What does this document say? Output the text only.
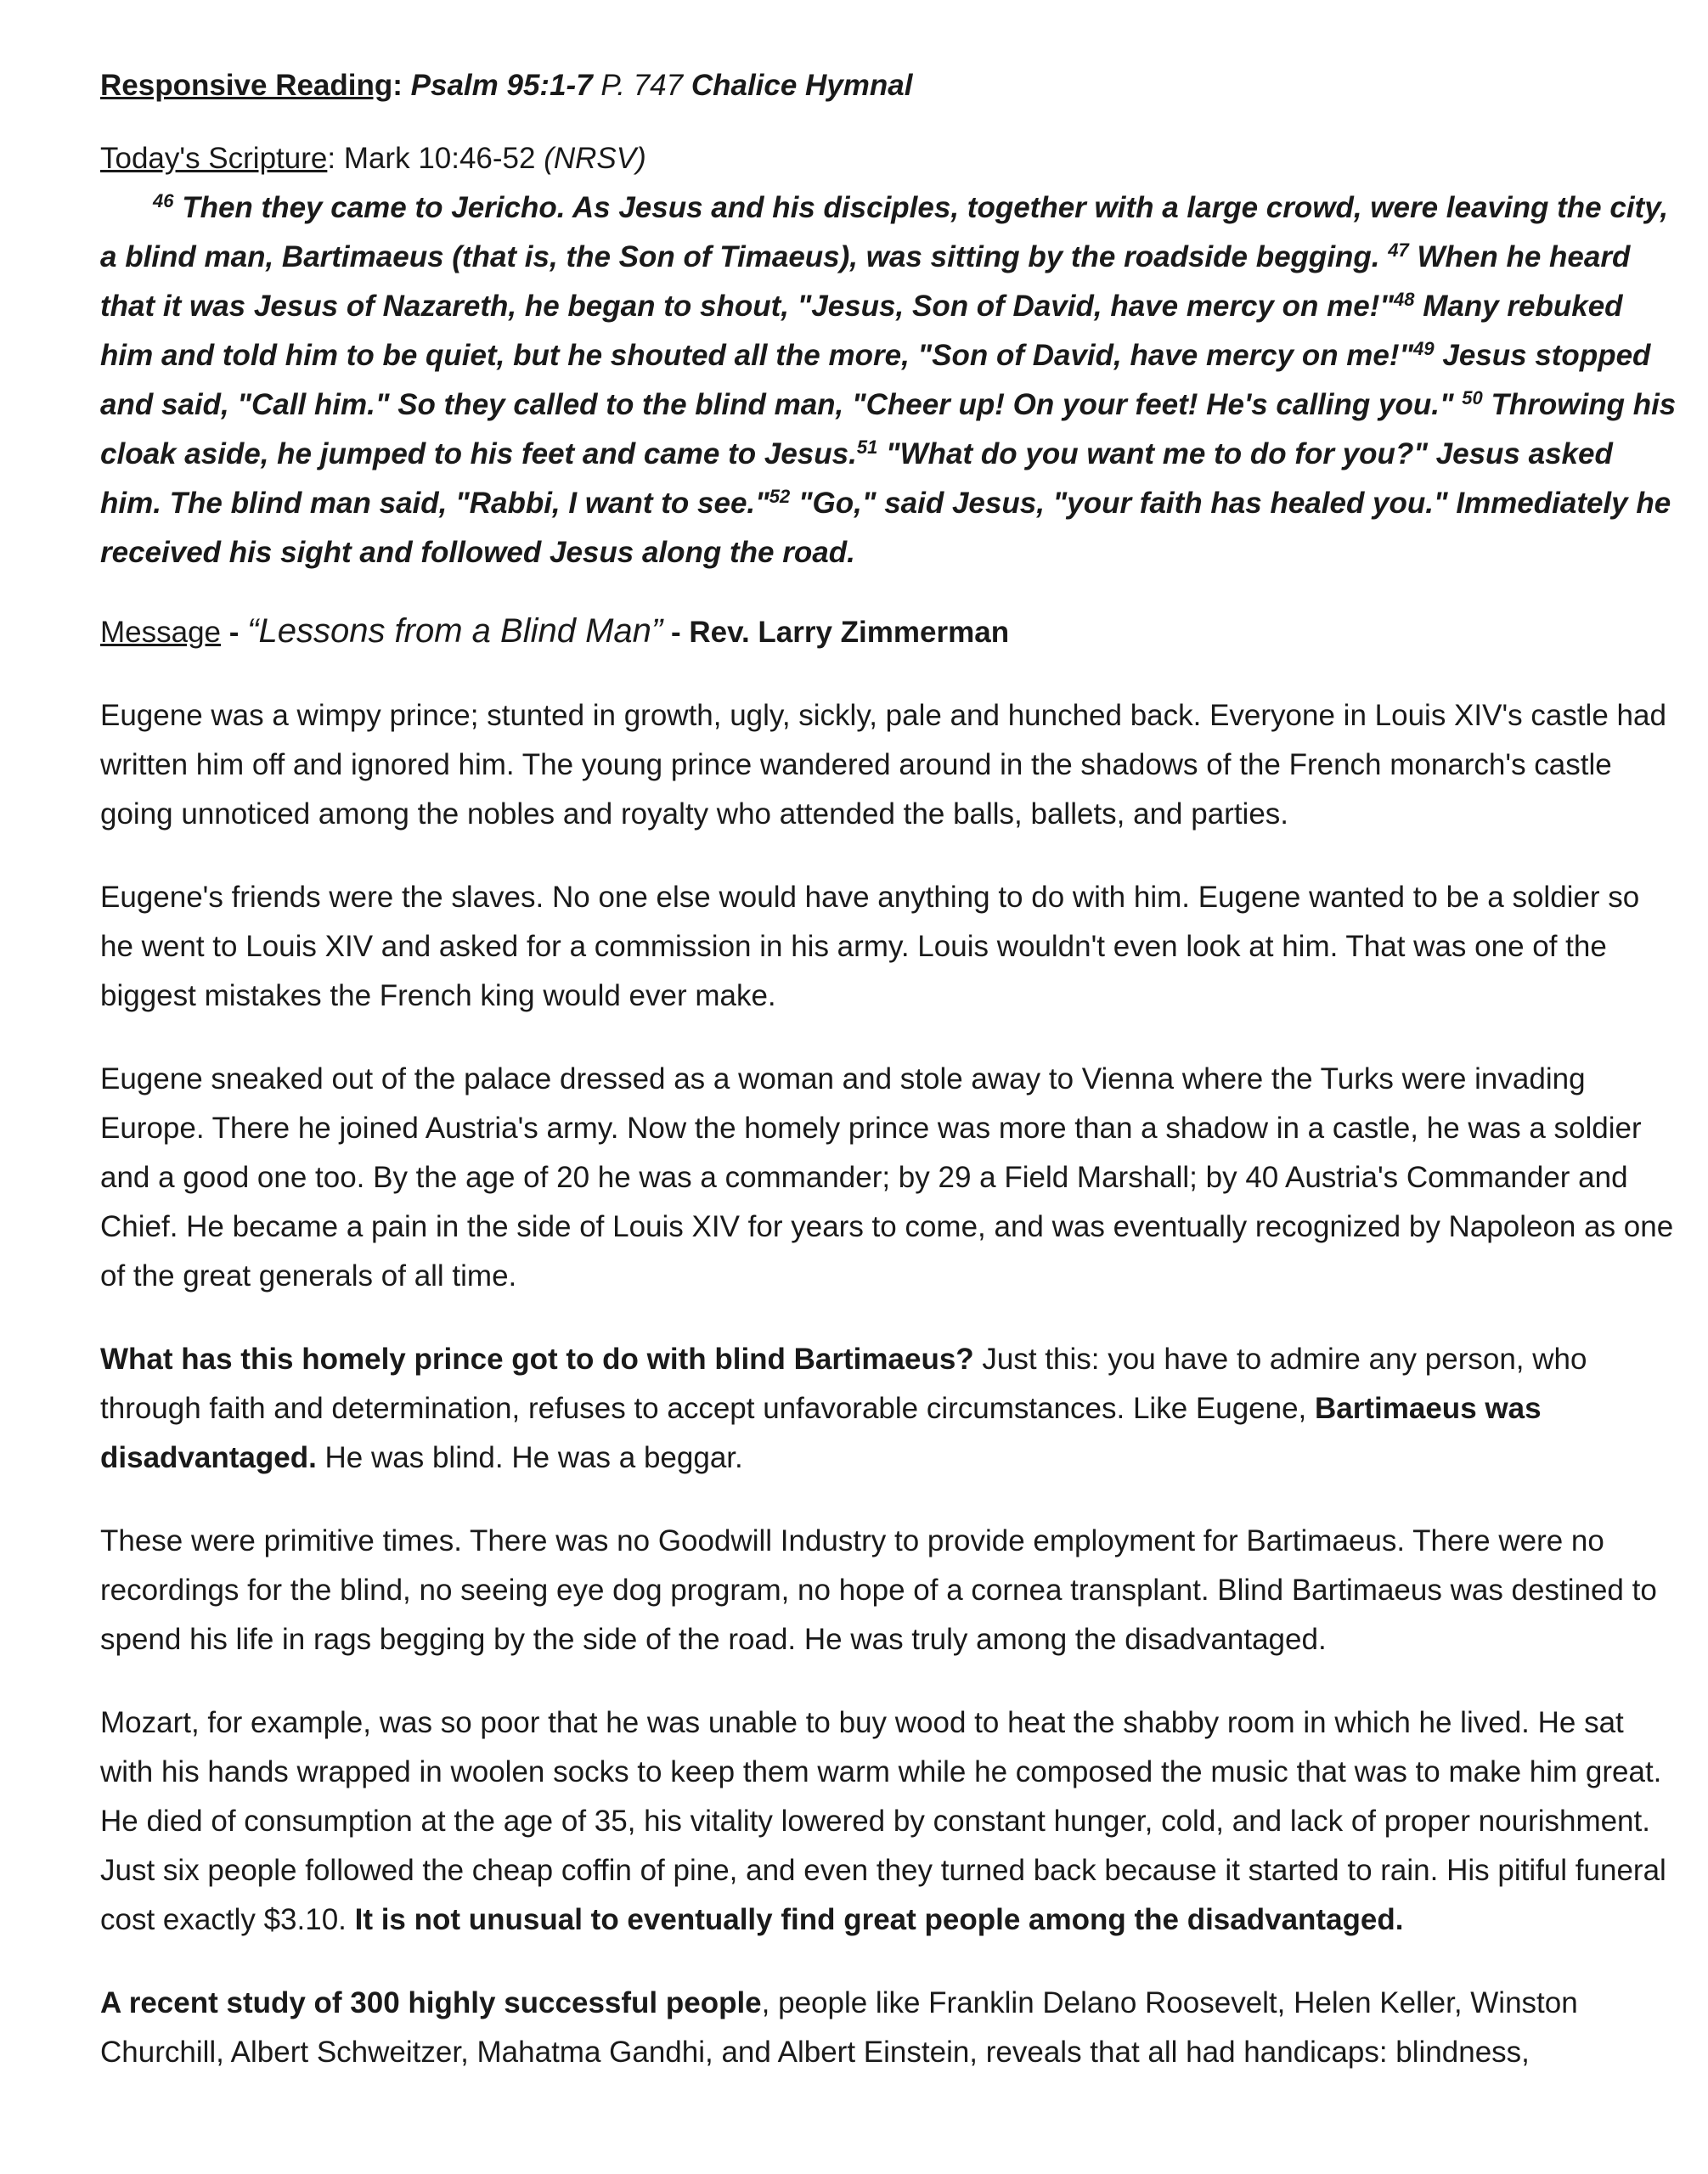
Responsive Reading: Psalm 95:1-7 P. 747 Chalice Hymnal

Today's Scripture: Mark 10:46-52 (NRSV)

$^{46}$ Then they came to Jericho. As Jesus and his disciples, together with a large crowd, were leaving the city, a blind man, Bartimaeus (that is, the Son of Timaeus), was sitting by the roadside begging. $^{47}$ When he heard that it was Jesus of Nazareth, he began to shout, "Jesus, Son of David, have mercy on me!"$^{48}$ Many rebuked him and told him to be quiet, but he shouted all the more, "Son of David, have mercy on me!"$^{49}$ Jesus stopped and said, "Call him." So they called to the blind man, "Cheer up! On your feet! He's calling you." $^{50}$ Throwing his cloak aside, he jumped to his feet and came to Jesus.$^{51}$ "What do you want me to do for you?" Jesus asked him. The blind man said, "Rabbi, I want to see."$^{52}$ "Go," said Jesus, "your faith has healed you." Immediately he received his sight and followed Jesus along the road.

Message - “Lessons from a Blind Man” - Rev. Larry Zimmerman

Eugene was a wimpy prince; stunted in growth, ugly, sickly, pale and hunched back. Everyone in Louis XIV's castle had written him off and ignored him. The young prince wandered around in the shadows of the French monarch's castle going unnoticed among the nobles and royalty who attended the balls, ballets, and parties.

Eugene's friends were the slaves. No one else would have anything to do with him. Eugene wanted to be a soldier so he went to Louis XIV and asked for a commission in his army. Louis wouldn't even look at him. That was one of the biggest mistakes the French king would ever make.

Eugene sneaked out of the palace dressed as a woman and stole away to Vienna where the Turks were invading Europe. There he joined Austria's army. Now the homely prince was more than a shadow in a castle, he was a soldier and a good one too. By the age of 20 he was a commander; by 29 a Field Marshall; by 40 Austria's Commander and Chief. He became a pain in the side of Louis XIV for years to come, and was eventually recognized by Napoleon as one of the great generals of all time.

What has this homely prince got to do with blind Bartimaeus? Just this: you have to admire any person, who through faith and determination, refuses to accept unfavorable circumstances. Like Eugene, Bartimaeus was disadvantaged. He was blind. He was a beggar.

These were primitive times. There was no Goodwill Industry to provide employment for Bartimaeus. There were no recordings for the blind, no seeing eye dog program, no hope of a cornea transplant. Blind Bartimaeus was destined to spend his life in rags begging by the side of the road. He was truly among the disadvantaged.

Mozart, for example, was so poor that he was unable to buy wood to heat the shabby room in which he lived. He sat with his hands wrapped in woolen socks to keep them warm while he composed the music that was to make him great. He died of consumption at the age of 35, his vitality lowered by constant hunger, cold, and lack of proper nourishment. Just six people followed the cheap coffin of pine, and even they turned back because it started to rain. His pitiful funeral cost exactly $3.10. It is not unusual to eventually find great people among the disadvantaged.

A recent study of 300 highly successful people, people like Franklin Delano Roosevelt, Helen Keller, Winston Churchill, Albert Schweitzer, Mahatma Gandhi, and Albert Einstein, reveals that all had handicaps: blindness,
